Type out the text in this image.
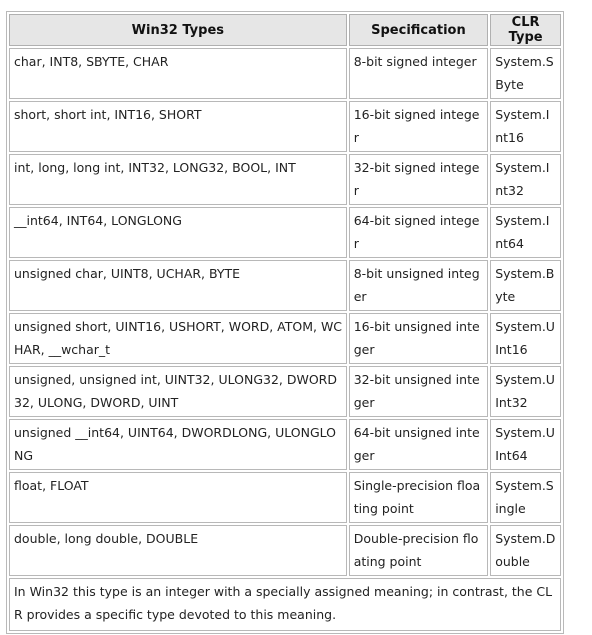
Win32 Types	Specification	CLR Type
char, INT8, SBYTE, CHAR	8-bit signed integer	System.SByte
short, short int, INT16, SHORT	16-bit signed integer	System.Int16
int, long, long int, INT32, LONG32, BOOL, INT	32-bit signed integer	System.Int32
__int64, INT64, LONGLONG	64-bit signed integer	System.Int64
unsigned char, UINT8, UCHAR, BYTE	8-bit unsigned integer	System.Byte
unsigned short, UINT16, USHORT, WORD, ATOM, WCHAR, __wchar_t	16-bit unsigned integer	System.UInt16
unsigned, unsigned int, UINT32, ULONG32, DWORD32, ULONG, DWORD, UINT	32-bit unsigned integer	System.UInt32
unsigned __int64, UINT64, DWORDLONG, ULONGLONG	64-bit unsigned integer	System.UInt64
float, FLOAT	Single-precision floating point	System.Single
double, long double, DOUBLE	Double-precision floating point	System.Double
In Win32 this type is an integer with a specially assigned meaning; in contrast, the CLR provides a specific type devoted to this meaning.		
